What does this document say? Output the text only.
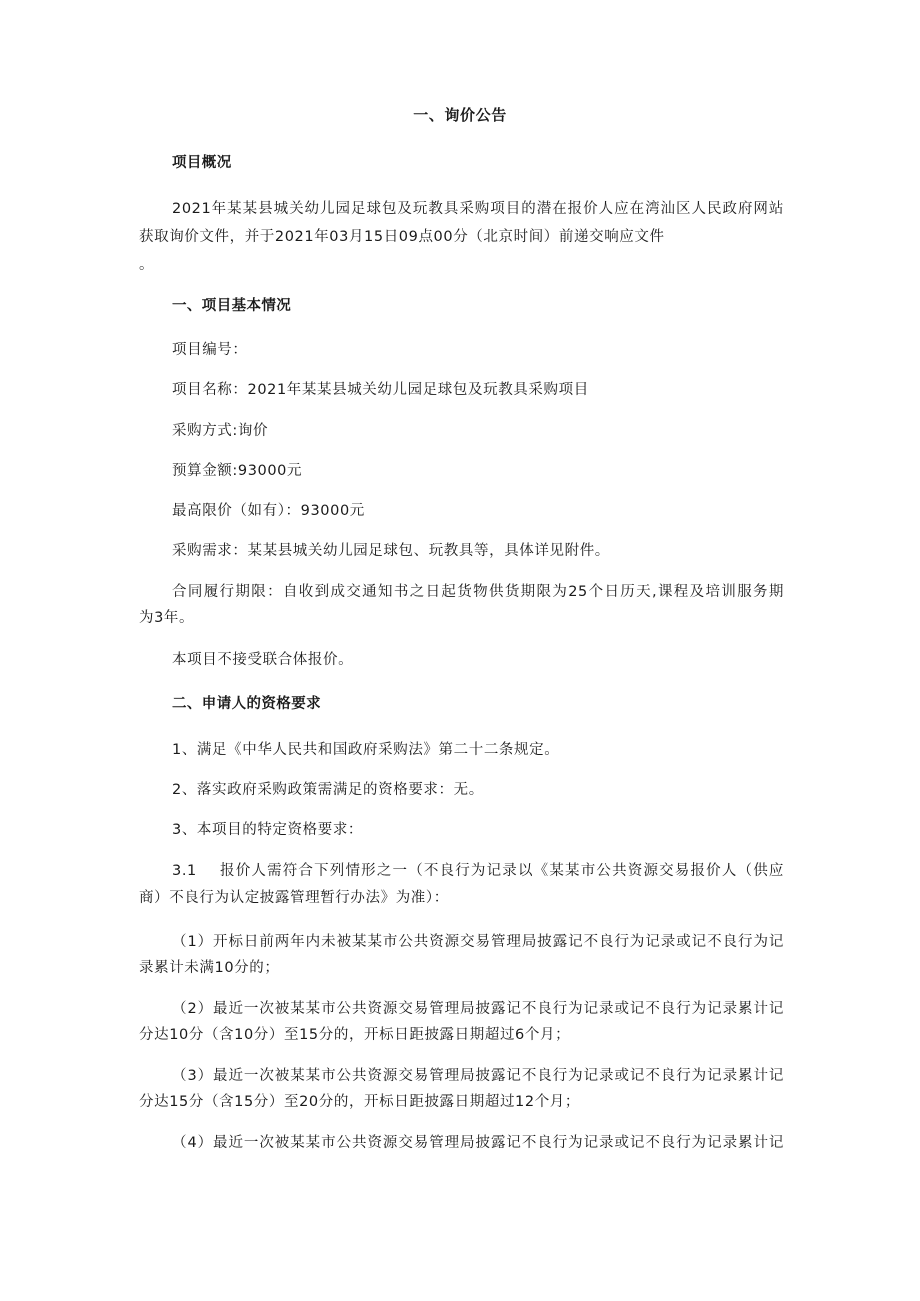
一、询价公告
项目概况
2021年某某县城关幼儿园足球包及玩教具采购项目的潜在报价人应在湾汕区人民政府网站
获取询价文件，并于2021年03月15日09点00分（北京时间）前递交响应文件
。
一、项目基本情况
项目编号：
项目名称：2021年某某县城关幼儿园足球包及玩教具采购项目
采购方式:询价
预算金额:93000元
最高限价（如有）：93000元
采购需求：某某县城关幼儿园足球包、玩教具等，具体详见附件。
合同履行期限：自收到成交通知书之日起货物供货期限为25个日历天,课程及培训服务期
为3年。
本项目不接受联合体报价。
二、申请人的资格要求
1、满足《中华人民共和国政府采购法》第二十二条规定。
2、落实政府采购政策需满足的资格要求：无。
3、本项目的特定资格要求：
3.1    报价人需符合下列情形之一（不良行为记录以《某某市公共资源交易报价人（供应
商）不良行为认定披露管理暂行办法》为准）：
（1）开标日前两年内未被某某市公共资源交易管理局披露记不良行为记录或记不良行为记
录累计未满10分的；
（2）最近一次被某某市公共资源交易管理局披露记不良行为记录或记不良行为记录累计记
分达10分（含10分）至15分的，开标日距披露日期超过6个月；
（3）最近一次被某某市公共资源交易管理局披露记不良行为记录或记不良行为记录累计记
分达15分（含15分）至20分的，开标日距披露日期超过12个月；
（4）最近一次被某某市公共资源交易管理局披露记不良行为记录或记不良行为记录累计记
